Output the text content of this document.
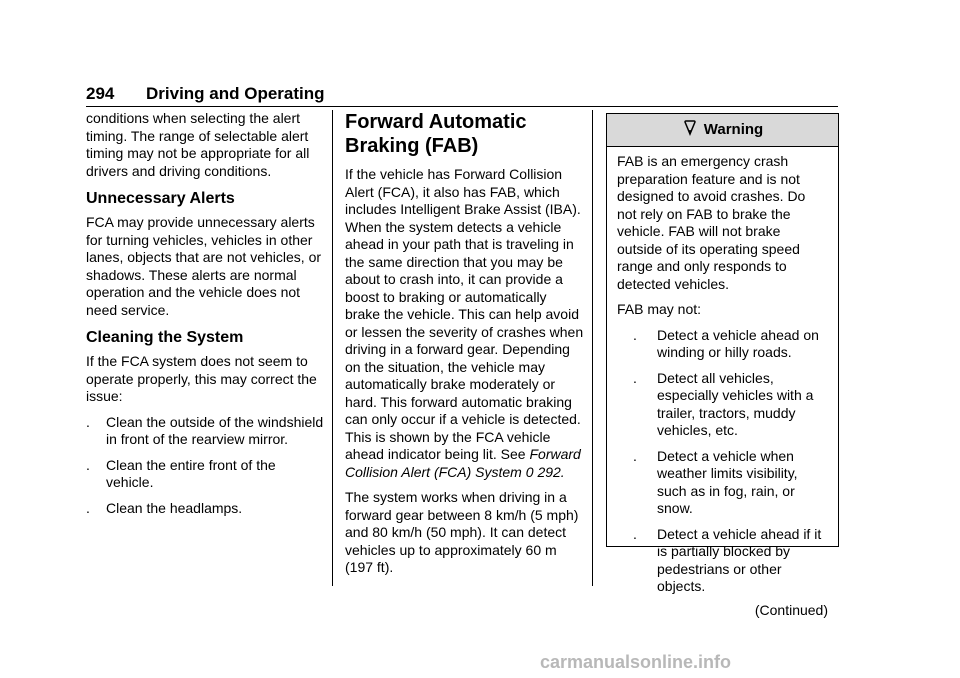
294 Driving and Operating

conditions when selecting the alert timing. The range of selectable alert timing may not be appropriate for all drivers and driving conditions.

Unnecessary Alerts

FCA may provide unnecessary alerts for turning vehicles, vehicles in other lanes, objects that are not vehicles, or shadows. These alerts are normal operation and the vehicle does not need service.

Cleaning the System

If the FCA system does not seem to operate properly, this may correct the issue:

.	Clean the outside of the windshield in front of the rearview mirror.
.	Clean the entire front of the vehicle.
.	Clean the headlamps.
Forward Automatic
Braking (FAB)

If the vehicle has Forward Collision Alert (FCA), it also has FAB, which includes Intelligent Brake Assist (IBA). When the system detects a vehicle ahead in your path that is traveling in the same direction that you may be about to crash into, it can provide a boost to braking or automatically brake the vehicle. This can help avoid or lessen the severity of crashes when driving in a forward gear. Depending on the situation, the vehicle may automatically brake moderately or hard. This forward automatic braking can only occur if a vehicle is detected. This is shown by the FCA vehicle ahead indicator being lit. See Forward Collision Alert (FCA) System 0 292.

The system works when driving in a forward gear between 8 km/h (5 mph) and 80 km/h (50 mph). It can detect vehicles up to approximately 60 m (197 ft).

Warning

FAB is an emergency crash preparation feature and is not designed to avoid crashes. Do not rely on FAB to brake the vehicle. FAB will not brake outside of its operating speed range and only responds to detected vehicles.

FAB may not:

.	Detect a vehicle ahead on winding or hilly roads.
.	Detect all vehicles, especially vehicles with a trailer, tractors, muddy vehicles, etc.
.	Detect a vehicle when weather limits visibility, such as in fog, rain, or snow.
.	Detect a vehicle ahead if it is partially blocked by pedestrians or other objects.
(Continued)
carmanualsonline.info
